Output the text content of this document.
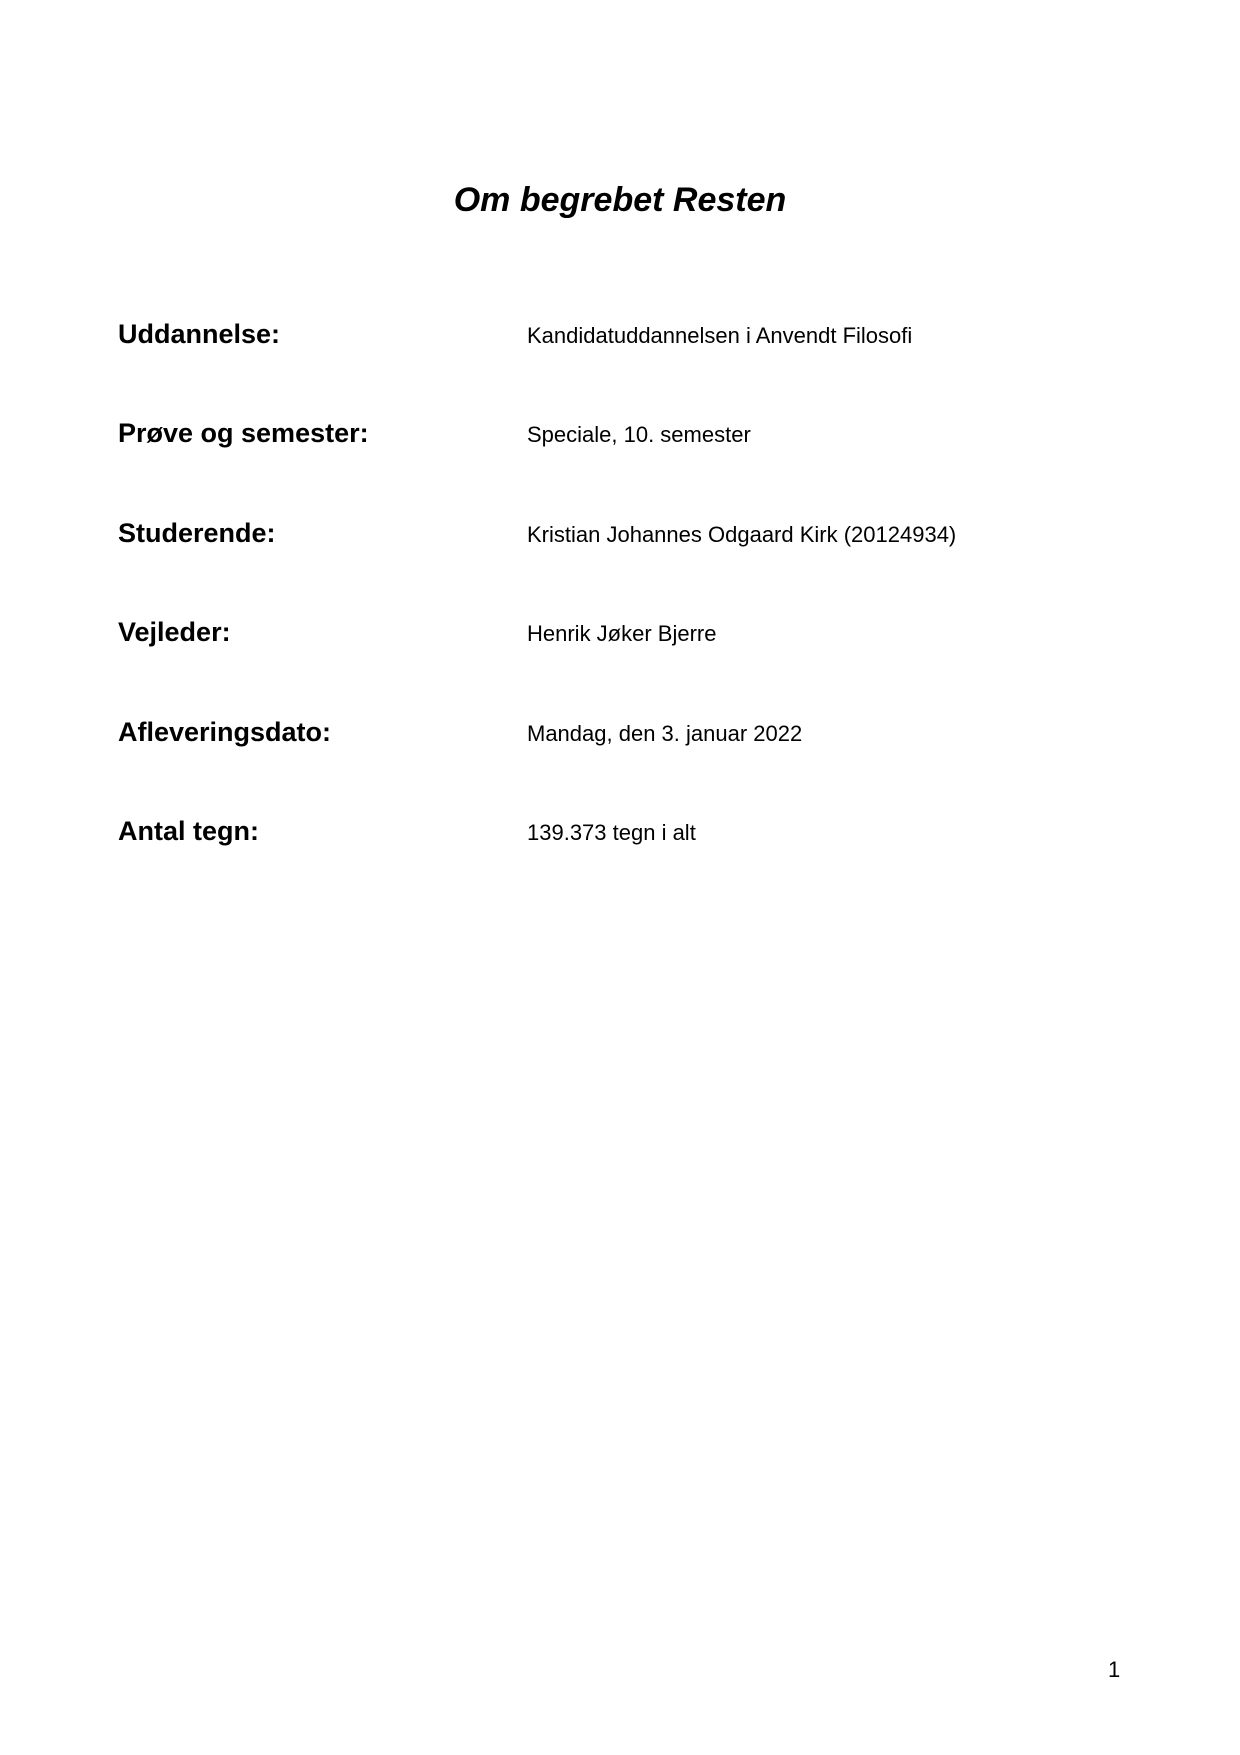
Om begrebet Resten
Uddannelse:	Kandidatuddannelsen i Anvendt Filosofi
Prøve og semester:	Speciale, 10. semester
Studerende:	Kristian Johannes Odgaard Kirk (20124934)
Vejleder:	Henrik Jøker Bjerre
Afleveringsdato:	Mandag, den 3. januar 2022
Antal tegn:	139.373 tegn i alt
1
